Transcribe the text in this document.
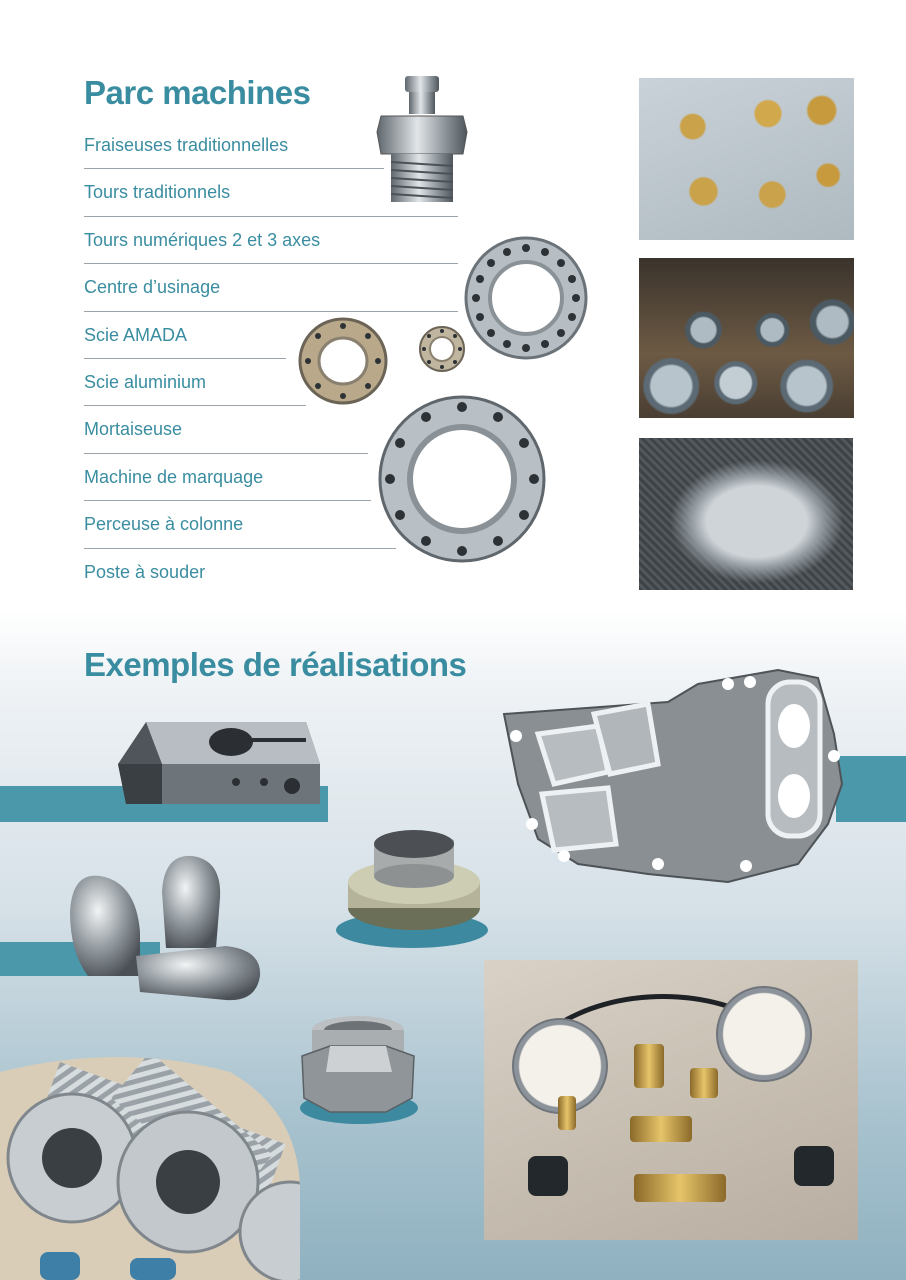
Parc machines
Fraiseuses traditionnelles
Tours traditionnels
Tours numériques 2 et 3 axes
Centre d’usinage
Scie AMADA
Scie aluminium
Mortaiseuse
Machine de marquage
Perceuse à colonne
Poste à souder
Exemples de réalisations
